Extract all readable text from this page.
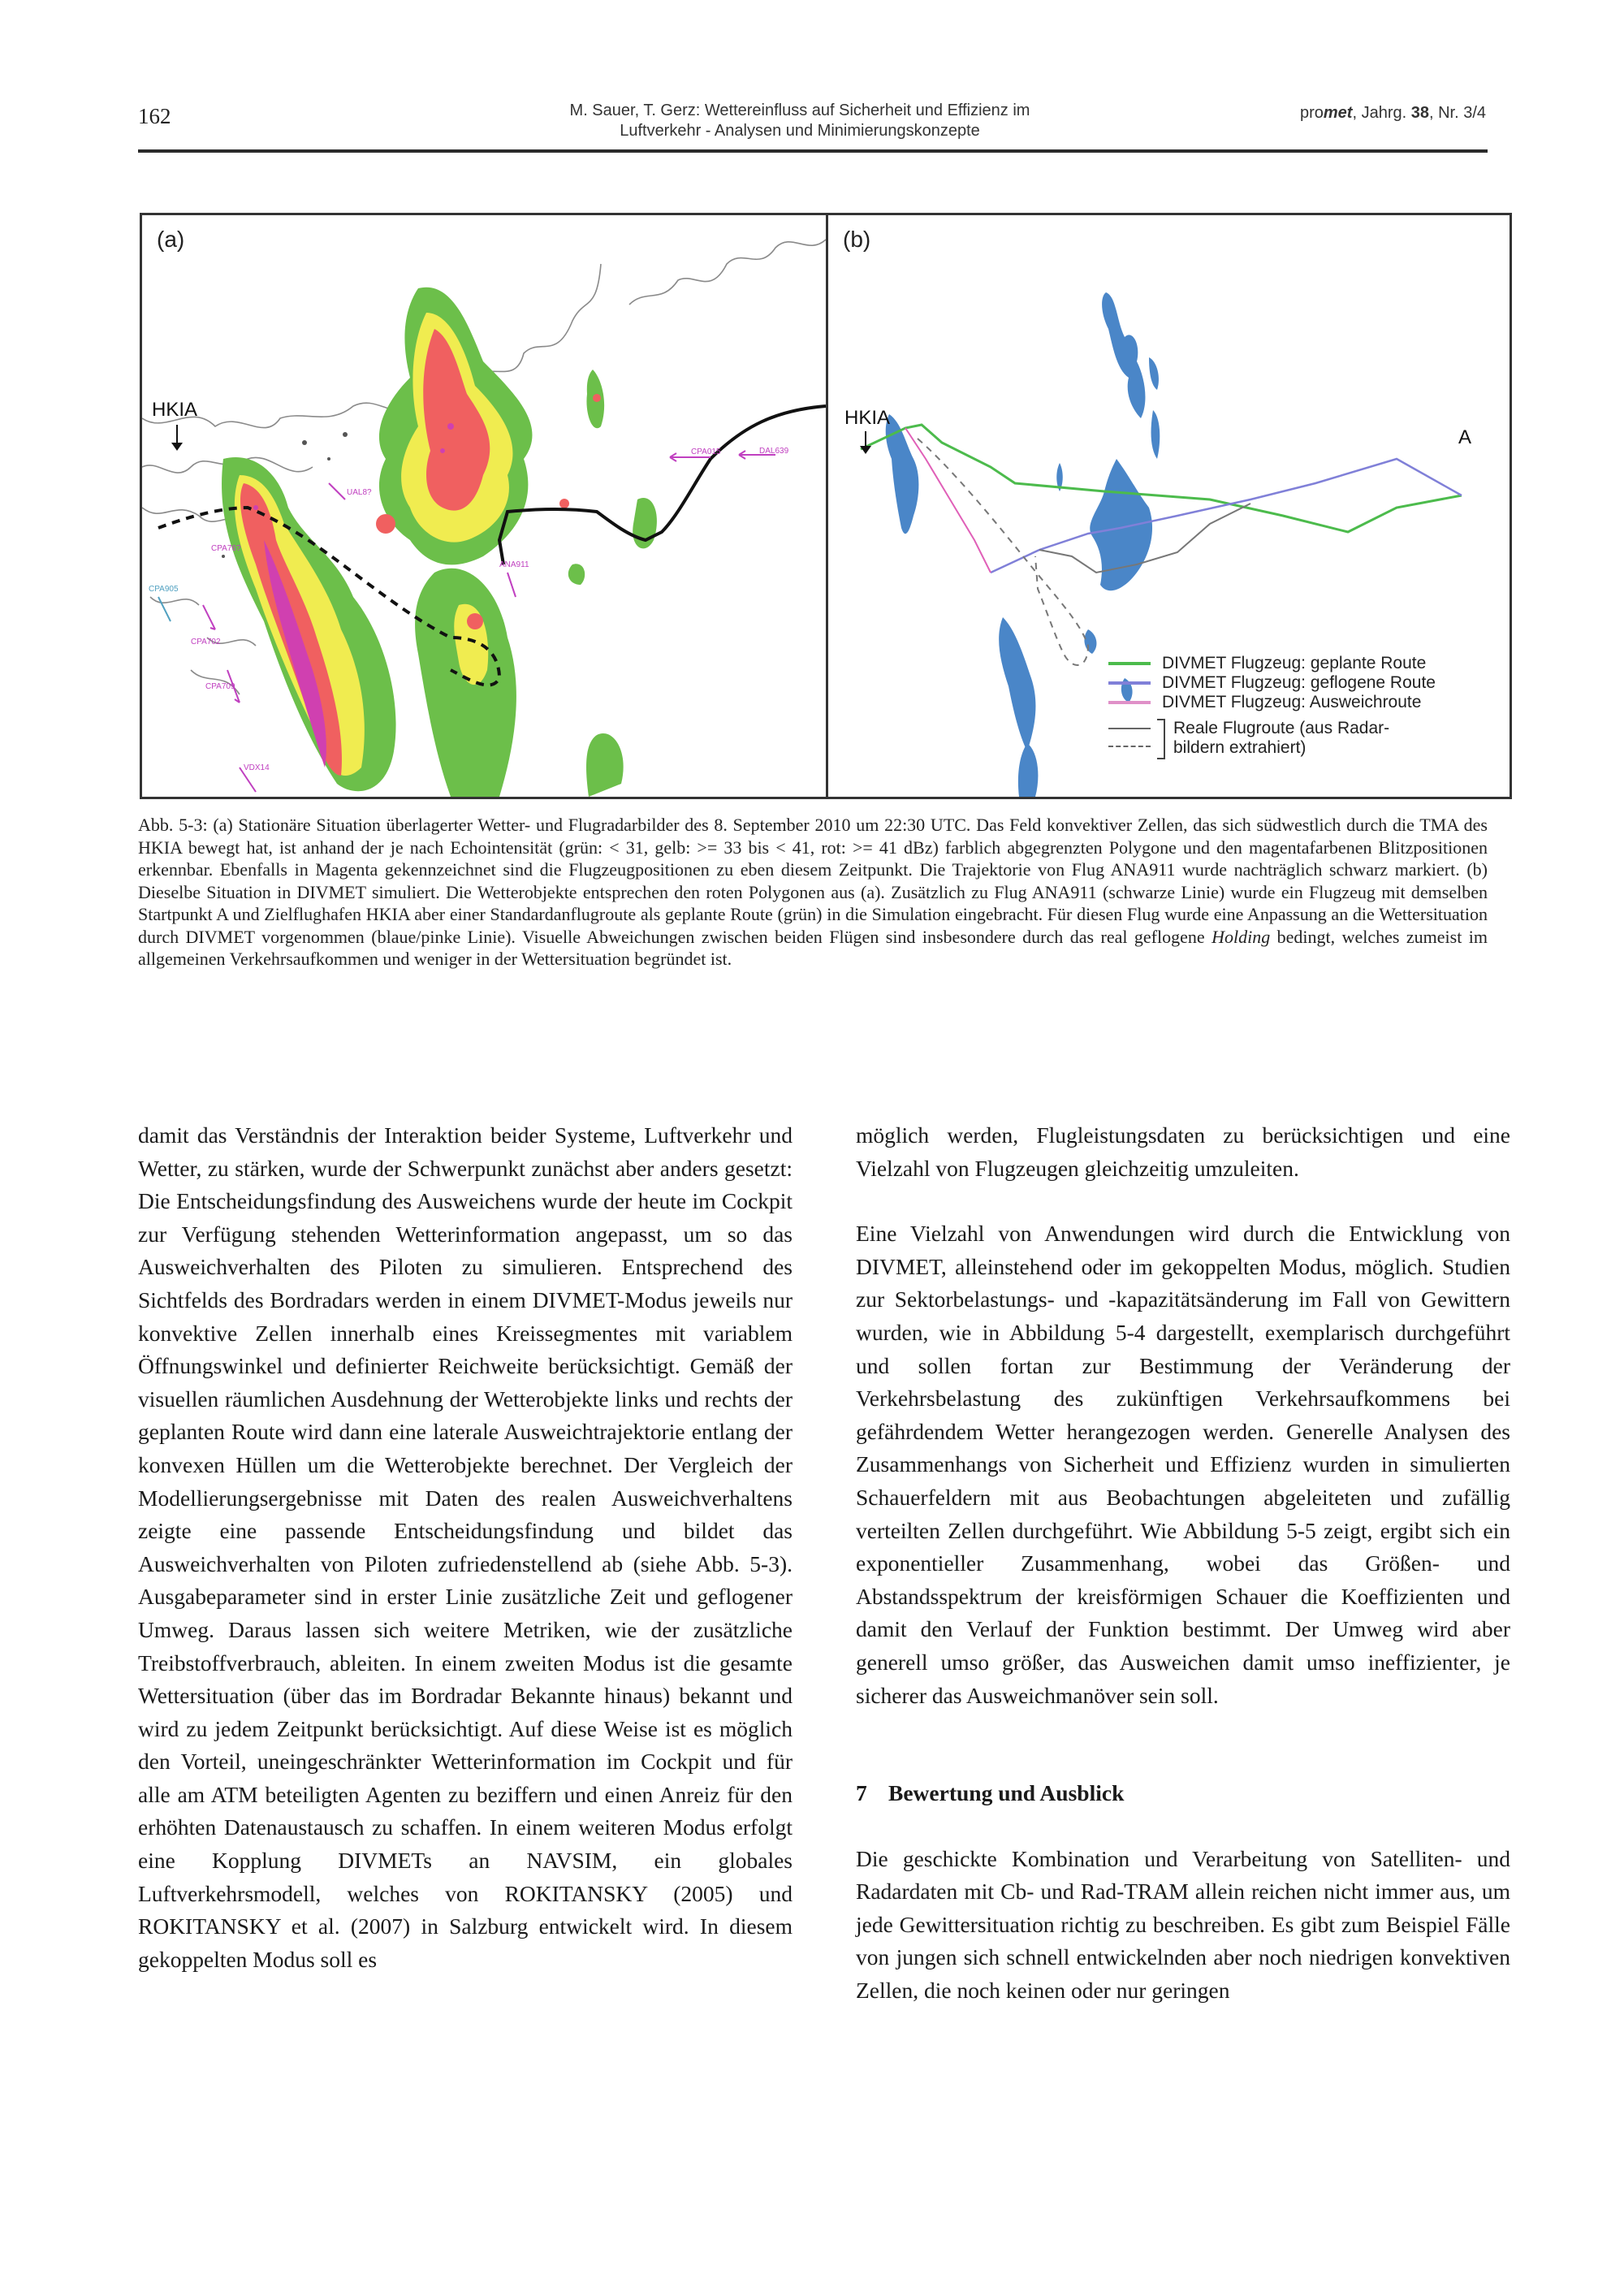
162	M. Sauer, T. Gerz: Wettereinfluss auf Sicherheit und Effizienz im
Luftverkehr - Analysen und Minimierungskonzepte
promet, Jahrg. 38, Nr. 3/4
(a)
HKIA
CPA015	DAL639
UAL8?
CPA76?
CPA905
CPA702
CPA709
ANA911
VDX14
(b)
HKIA
A
DIVMET Flugzeug: geplante Route
DIVMET Flugzeug: geflogene Route
DIVMET Flugzeug: Ausweichroute
Reale Flugroute (aus Radar-
bildern extrahiert)
Abb. 5-3: (a) Stationäre Situation überlagerter Wetter- und Flugradarbilder des 8. September 2010 um 22:30 UTC. Das Feld konvektiver Zellen, das sich südwestlich durch die TMA des HKIA bewegt hat, ist anhand der je nach Echointensität (grün: < 31, gelb: >= 33 bis < 41, rot: >= 41 dBz) farblich abgegrenzten Polygone und den magentafarbenen Blitzpositionen erkennbar. Ebenfalls in Magenta gekennzeichnet sind die Flugzeugpositionen zu eben diesem Zeitpunkt. Die Trajektorie von Flug ANA911 wurde nachträglich schwarz markiert. (b) Dieselbe Situation in DIVMET simuliert. Die Wetterobjekte entsprechen den roten Polygonen aus (a). Zusätzlich zu Flug ANA911 (schwarze Linie) wurde ein Flugzeug mit demselben Startpunkt A und Zielflughafen HKIA aber einer Standardanflugroute als geplante Route (grün) in die Simulation eingebracht. Für diesen Flug wurde eine Anpassung an die Wettersituation durch DIVMET vorgenommen (blaue/pinke Linie). Visuelle Abweichungen zwischen beiden Flügen sind insbesondere durch das real geflogene Holding bedingt, welches zumeist im allgemeinen Verkehrsaufkommen und weniger in der Wettersituation begründet ist.

damit das Verständnis der Interaktion beider Systeme, Luftverkehr und Wetter, zu stärken, wurde der Schwerpunkt zunächst aber anders gesetzt: Die Entscheidungsfindung des Ausweichens wurde der heute im Cockpit zur Verfügung stehenden Wetterinformation angepasst, um so das Ausweichverhalten des Piloten zu simulieren. Entsprechend des Sichtfelds des Bordradars werden in einem DIVMET-Modus jeweils nur konvektive Zellen innerhalb eines Kreissegmentes mit variablem Öffnungswinkel und definierter Reichweite berücksichtigt. Gemäß der visuellen räumlichen Ausdehnung der Wetterobjekte links und rechts der geplanten Route wird dann eine laterale Ausweichtrajektorie entlang der konvexen Hüllen um die Wetterobjekte berechnet. Der Vergleich der Modellierungsergebnisse mit Daten des realen Ausweichverhaltens zeigte eine passende Entscheidungsfindung und bildet das Ausweichverhalten von Piloten zufriedenstellend ab (siehe Abb. 5-3). Ausgabeparameter sind in erster Linie zusätzliche Zeit und geflogener Umweg. Daraus lassen sich weitere Metriken, wie der zusätzliche Treibstoffverbrauch, ableiten. In einem zweiten Modus ist die gesamte Wettersituation (über das im Bordradar Bekannte hinaus) bekannt und wird zu jedem Zeitpunkt berücksichtigt. Auf diese Weise ist es möglich den Vorteil, uneingeschränkter Wetterinformation im Cockpit und für alle am ATM beteiligten Agenten zu beziffern und einen Anreiz für den erhöhten Datenaustausch zu schaffen. In einem weiteren Modus erfolgt eine Kopplung DIVMETs an NAVSIM, ein globales Luftverkehrsmodell, welches von ROKITANSKY (2005) und ROKITANSKY et al. (2007) in Salzburg entwickelt wird. In diesem gekoppelten Modus soll es

möglich werden, Flugleistungsdaten zu berücksichtigen und eine Vielzahl von Flugzeugen gleichzeitig umzuleiten.

Eine Vielzahl von Anwendungen wird durch die Entwicklung von DIVMET, alleinstehend oder im gekoppelten Modus, möglich. Studien zur Sektorbelastungs- und -kapazitätsänderung im Fall von Gewittern wurden, wie in Abbildung 5-4 dargestellt, exemplarisch durchgeführt und sollen fortan zur Bestimmung der Veränderung der Verkehrsbelastung des zukünftigen Verkehrsaufkommens bei gefährdendem Wetter herangezogen werden. Generelle Analysen des Zusammenhangs von Sicherheit und Effizienz wurden in simulierten Schauerfeldern mit aus Beobachtungen abgeleiteten und zufällig verteilten Zellen durchgeführt. Wie Abbildung 5-5 zeigt, ergibt sich ein exponentieller Zusammenhang, wobei das Größen- und Abstandsspektrum der kreisförmigen Schauer die Koeffizienten und damit den Verlauf der Funktion bestimmt. Der Umweg wird aber generell umso größer, das Ausweichen damit umso ineffizienter, je sicherer das Ausweichmanöver sein soll.

7 Bewertung und Ausblick

Die geschickte Kombination und Verarbeitung von Satelliten- und Radardaten mit Cb- und Rad-TRAM allein reichen nicht immer aus, um jede Gewittersituation richtig zu beschreiben. Es gibt zum Beispiel Fälle von jungen sich schnell entwickelnden aber noch niedrigen konvektiven Zellen, die noch keinen oder nur geringen
